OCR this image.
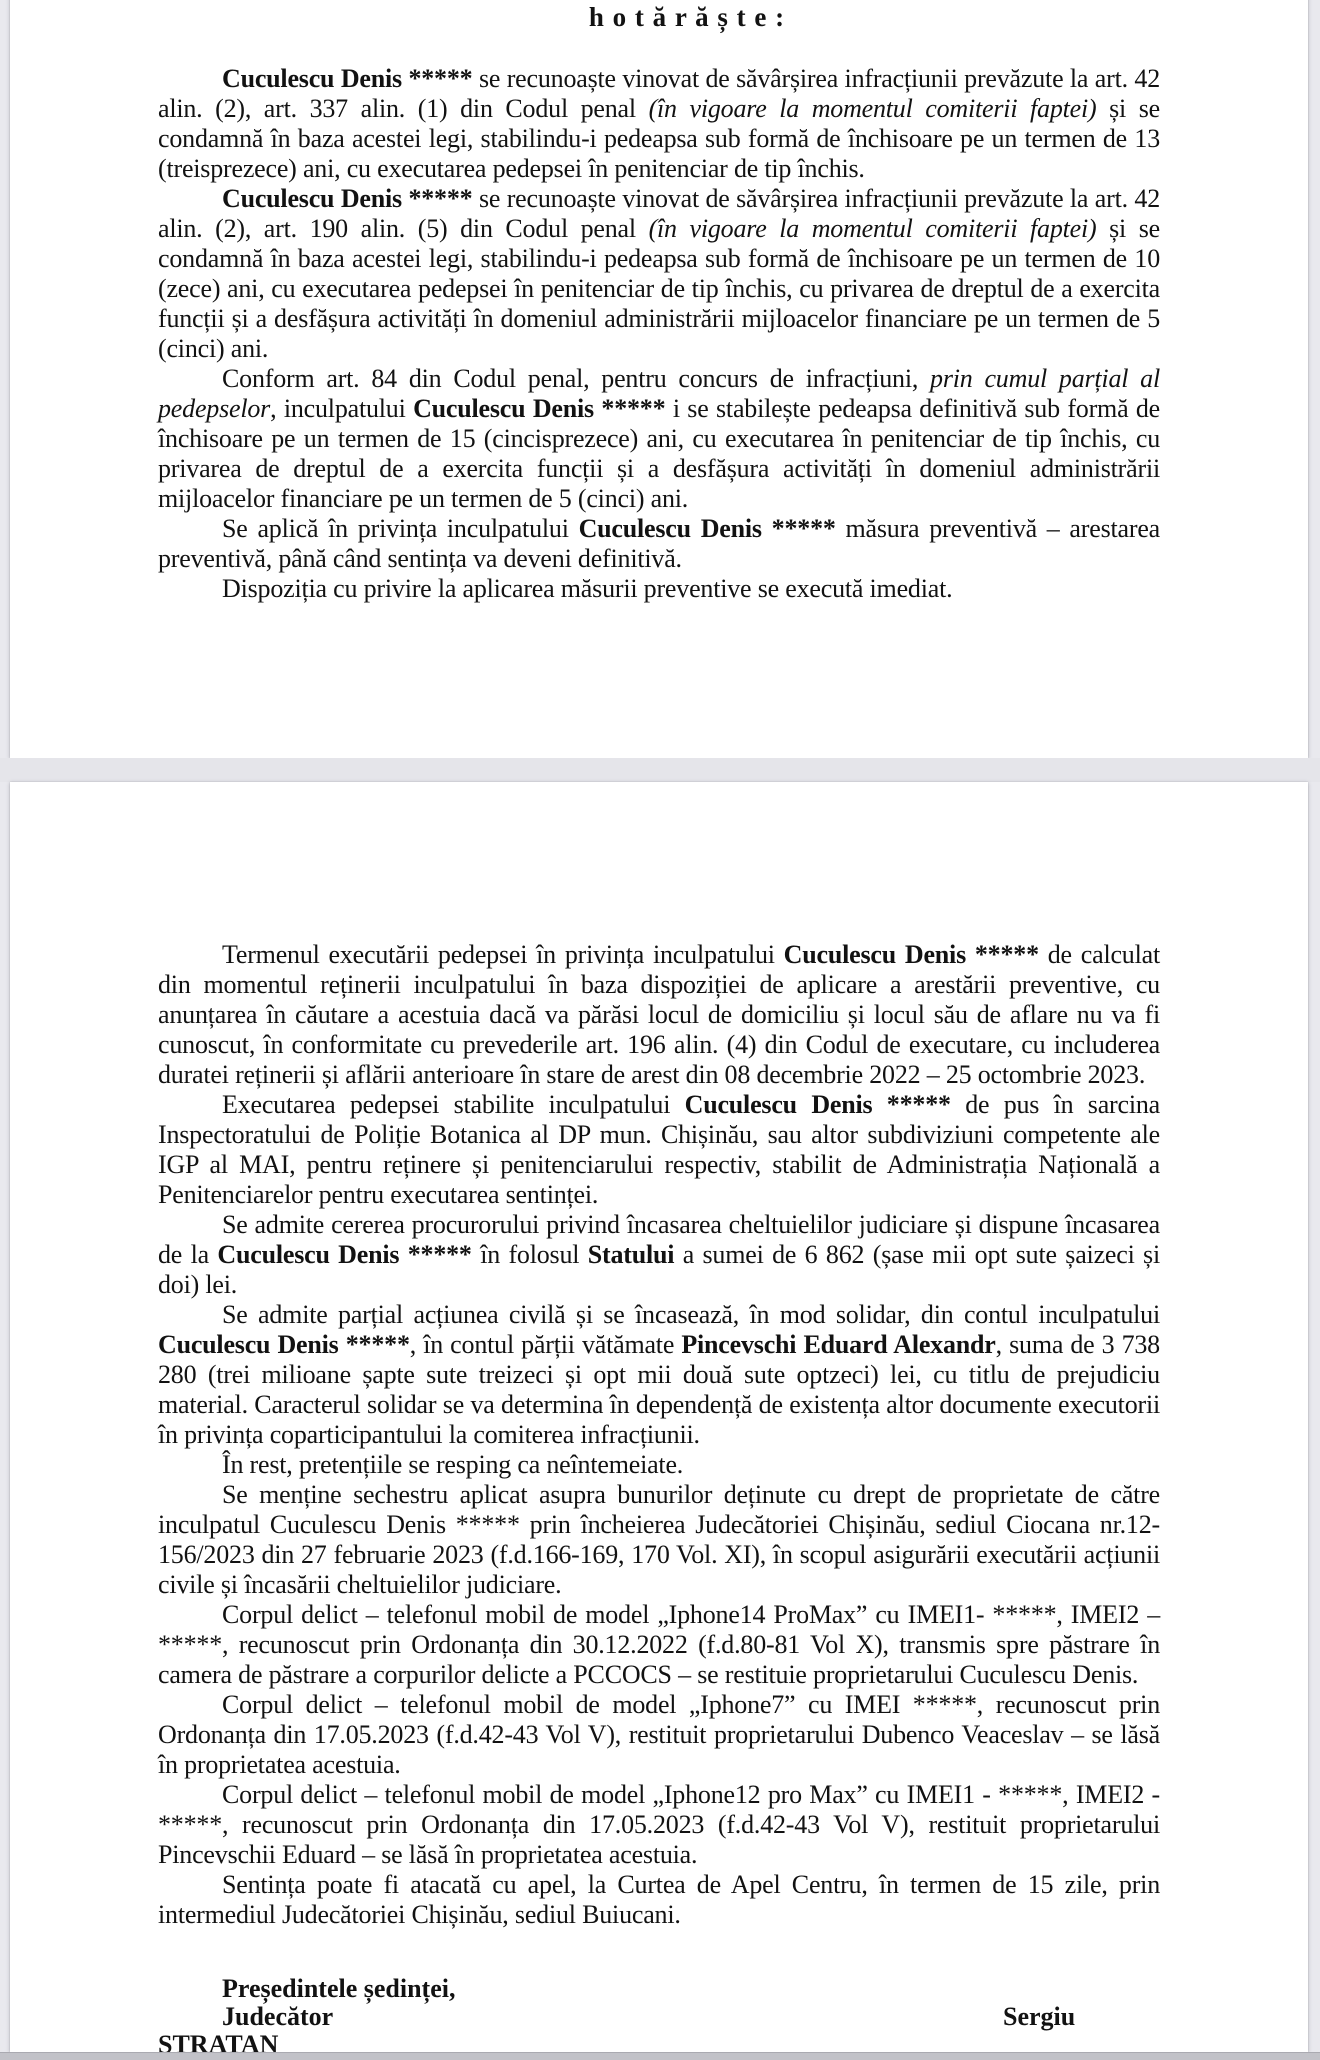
h o t ă r ă ș t e :

Cuculescu Denis ***** se recunoaște vinovat de săvârșirea infracțiunii prevăzute la art. 42 alin. (2), art. 337 alin. (1) din Codul penal (în vigoare la momentul comiterii faptei) și se condamnă în baza acestei legi, stabilindu-i pedeapsa sub formă de închisoare pe un termen de 13 (treisprezece) ani, cu executarea pedepsei în penitenciar de tip închis.

Cuculescu Denis ***** se recunoaște vinovat de săvârșirea infracțiunii prevăzute la art. 42 alin. (2), art. 190 alin. (5) din Codul penal (în vigoare la momentul comiterii faptei) și se condamnă în baza acestei legi, stabilindu-i pedeapsa sub formă de închisoare pe un termen de 10 (zece) ani, cu executarea pedepsei în penitenciar de tip închis, cu privarea de dreptul de a exercita funcții și a desfășura activități în domeniul administrării mijloacelor financiare pe un termen de 5 (cinci) ani.

Conform art. 84 din Codul penal, pentru concurs de infracțiuni, prin cumul parțial al pedepselor, inculpatului Cuculescu Denis ***** i se stabilește pedeapsa definitivă sub formă de închisoare pe un termen de 15 (cincisprezece) ani, cu executarea în penitenciar de tip închis, cu privarea de dreptul de a exercita funcții și a desfășura activități în domeniul administrării mijloacelor financiare pe un termen de 5 (cinci) ani.

Se aplică în privința inculpatului Cuculescu Denis ***** măsura preventivă – arestarea preventivă, până când sentința va deveni definitivă.

Dispoziția cu privire la aplicarea măsurii preventive se execută imediat.

Termenul executării pedepsei în privința inculpatului Cuculescu Denis ***** de calculat din momentul reținerii inculpatului în baza dispoziției de aplicare a arestării preventive, cu anunțarea în căutare a acestuia dacă va părăsi locul de domiciliu și locul său de aflare nu va fi cunoscut, în conformitate cu prevederile art. 196 alin. (4) din Codul de executare, cu includerea duratei reținerii și aflării anterioare în stare de arest din 08 decembrie 2022 – 25 octombrie 2023.

Executarea pedepsei stabilite inculpatului Cuculescu Denis ***** de pus în sarcina Inspectoratului de Poliție Botanica al DP mun. Chișinău, sau altor subdiviziuni competente ale IGP al MAI, pentru reținere și penitenciarului respectiv, stabilit de Administrația Națională a Penitenciarelor pentru executarea sentinței.

Se admite cererea procurorului privind încasarea cheltuielilor judiciare și dispune încasarea de la Cuculescu Denis ***** în folosul Statului a sumei de 6 862 (șase mii opt sute șaizeci și doi) lei.

Se admite parțial acțiunea civilă și se încasează, în mod solidar, din contul inculpatului Cuculescu Denis *****, în contul părții vătămate Pincevschi Eduard Alexandr, suma de 3 738 280 (trei milioane șapte sute treizeci și opt mii două sute optzeci) lei, cu titlu de prejudiciu material. Caracterul solidar se va determina în dependență de existența altor documente executorii în privința coparticipantului la comiterea infracțiunii.

În rest, pretențiile se resping ca neîntemeiate.

Se menține sechestru aplicat asupra bunurilor deținute cu drept de proprietate de către inculpatul Cuculescu Denis ***** prin încheierea Judecătoriei Chișinău, sediul Ciocana nr.12-156/2023 din 27 februarie 2023 (f.d.166-169, 170 Vol. XI), în scopul asigurării executării acțiunii civile și încasării cheltuielilor judiciare.

Corpul delict – telefonul mobil de model „Iphone14 ProMax” cu IMEI1- *****, IMEI2 – *****, recunoscut prin Ordonanța din 30.12.2022 (f.d.80-81 Vol X), transmis spre păstrare în camera de păstrare a corpurilor delicte a PCCOCS – se restituie proprietarului Cuculescu Denis.

Corpul delict – telefonul mobil de model „Iphone7” cu IMEI *****, recunoscut prin Ordonanța din 17.05.2023 (f.d.42-43 Vol V), restituit proprietarului Dubenco Veaceslav – se lăsă în proprietatea acestuia.

Corpul delict – telefonul mobil de model „Iphone12 pro Max” cu IMEI1 - *****, IMEI2 - *****, recunoscut prin Ordonanța din 17.05.2023 (f.d.42-43 Vol V), restituit proprietarului Pincevschii Eduard – se lăsă în proprietatea acestuia.

Sentința poate fi atacată cu apel, la Curtea de Apel Centru, în termen de 15 zile, prin intermediul Judecătoriei Chișinău, sediul Buiucani.

Președintele ședinței,
Judecător	Sergiu
STRATAN
